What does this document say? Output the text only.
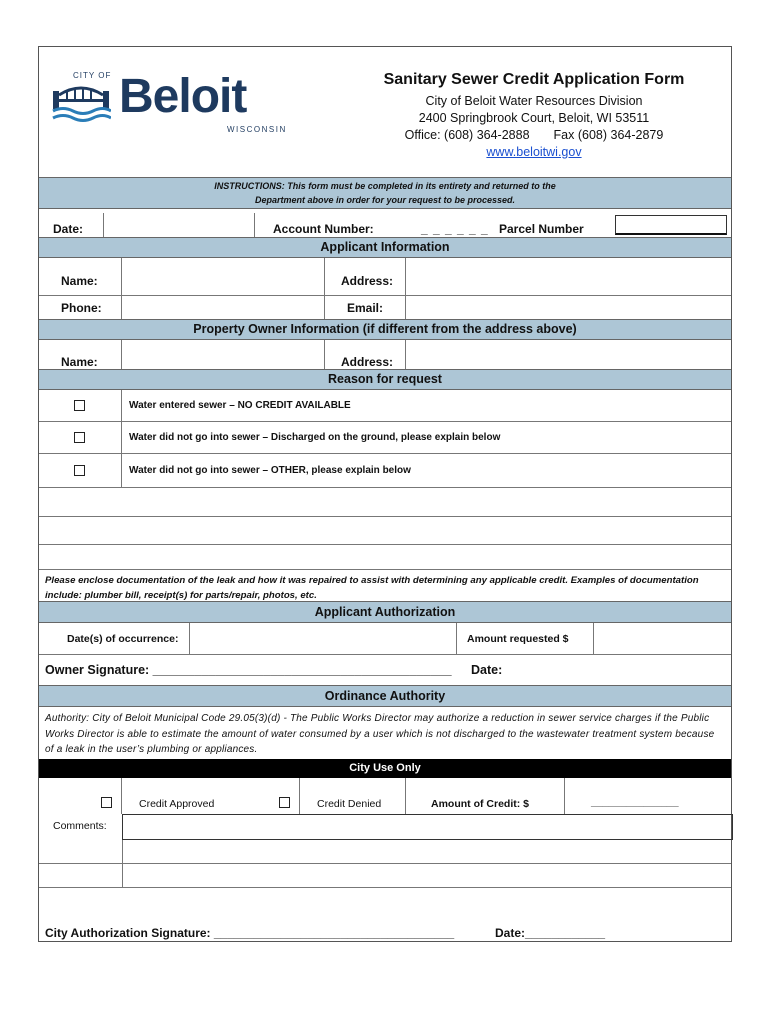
CITY OF Beloit
WISCONSIN
Sanitary Sewer Credit Application Form
City of Beloit Water Resources Division
2400 Springbrook Court, Beloit, WI 53511
Office: (608) 364-2888 Fax (608) 364-2879
www.beloitwi.gov
INSTRUCTIONS: This form must be completed in its entirety and returned to the Department above in order for your request to be processed.
Date:	Account Number:	_ _ _ _ _ _ Parcel Number
Applicant Information
Name:	Address:
Phone:	Email:
Property Owner Information (if different from the address above)
Name:	Address:
Reason for request
Water entered sewer – NO CREDIT AVAILABLE
Water did not go into sewer – Discharged on the ground, please explain below
Water did not go into sewer – OTHER, please explain below
Please enclose documentation of the leak and how it was repaired to assist with determining any applicable credit. Examples of documentation include: plumber bill, receipt(s) for parts/repair, photos, etc.
Applicant Authorization
Date(s) of occurrence:	Amount requested $
Owner Signature: ___________________________________________ Date:
Ordinance Authority
Authority: City of Beloit Municipal Code 29.05(3)(d) - The Public Works Director may authorize a reduction in sewer service charges if the Public Works Director is able to estimate the amount of water consumed by a user which is not discharged to the wastewater treatment system because of a leak in the user’s plumbing or appliances.
City Use Only
Credit Approved	Credit Denied	Amount of Credit: $	_______________
Comments:
City Authorization Signature: ____________________________________	Date:____________
